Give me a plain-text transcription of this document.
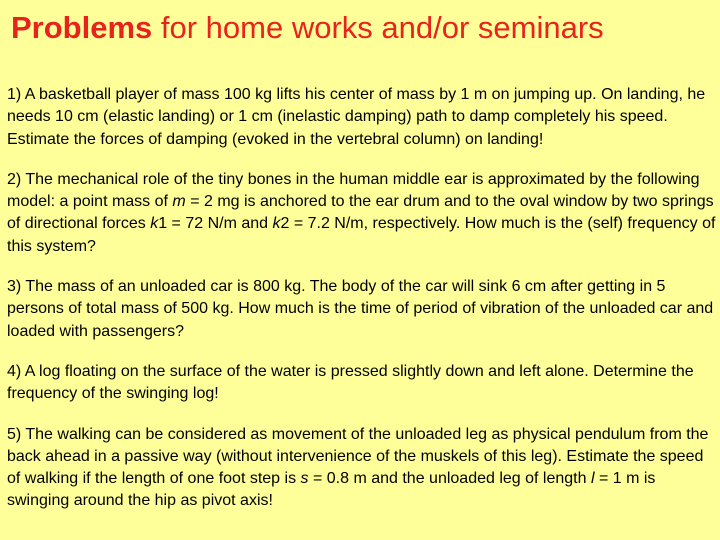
Problems for home works and/or seminars

1) A basketball player of mass 100 kg lifts his center of mass by 1 m on jumping up. On landing, he needs 10 cm (elastic landing) or 1 cm (inelastic damping) path to damp completely his speed. Estimate the forces of damping (evoked in the vertebral column) on landing!

2) The mechanical role of the tiny bones in the human middle ear is approximated by the following model: a point mass of m = 2 mg is anchored to the ear drum and to the oval window by two springs of directional forces k1 = 72 N/m and k2 = 7.2 N/m, respectively. How much is the (self) frequency of this system?

3) The mass of an unloaded car is 800 kg. The body of the car will sink 6 cm after getting in 5 persons of total mass of 500 kg. How much is the time of period of vibration of the unloaded car and loaded with passengers?

4) A log floating on the surface of the water is pressed slightly down and left alone. Determine the frequency of the swinging log!

5) The walking can be considered as movement of the unloaded leg as physical pendulum from the back ahead in a passive way (without intervenience of the muskels of this leg). Estimate the speed of walking if the length of one foot step is s = 0.8 m and the unloaded leg of length l = 1 m is swinging around the hip as pivot axis!
